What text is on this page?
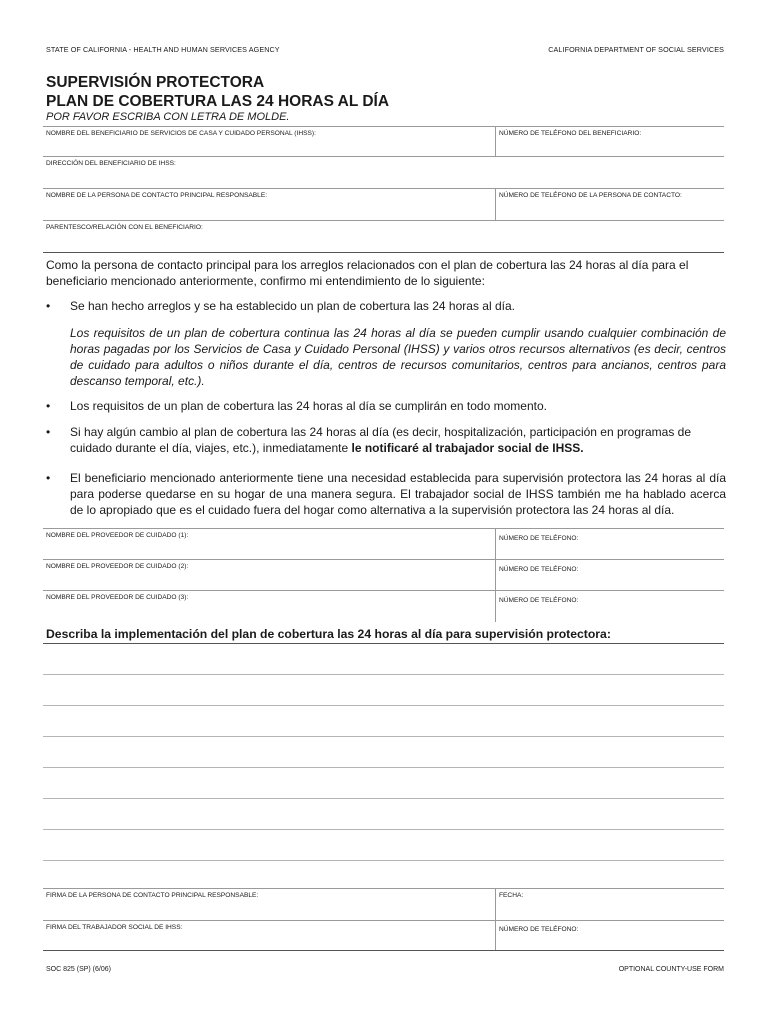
STATE OF CALIFORNIA - HEALTH AND HUMAN SERVICES AGENCY	CALIFORNIA DEPARTMENT OF SOCIAL SERVICES
SUPERVISIÓN PROTECTORA
PLAN DE COBERTURA LAS 24 HORAS AL DÍA
POR FAVOR ESCRIBA CON LETRA DE MOLDE.
NOMBRE DEL BENEFICIARIO DE SERVICIOS DE CASA Y CUIDADO PERSONAL (IHSS):	NÚMERO DE TELÉFONO DEL BENEFICIARIO:
DIRECCIÓN DEL BENEFICIARIO DE IHSS:	
NOMBRE DE LA PERSONA DE CONTACTO PRINCIPAL RESPONSABLE:	NÚMERO DE TELÉFONO DE LA PERSONA DE CONTACTO:
PARENTESCO/RELACIÓN CON EL BENEFICIARIO:	
Como la persona de contacto principal para los arreglos relacionados con el plan de cobertura las 24 horas al día para el beneficiario mencionado anteriormente, confirmo mi entendimiento de lo siguiente:
•	Se han hecho arreglos y se ha establecido un plan de cobertura las 24 horas al día.
Los requisitos de un plan de cobertura continua las 24 horas al día se pueden cumplir usando cualquier combinación de horas pagadas por los Servicios de Casa y Cuidado Personal (IHSS) y varios otros recursos alternativos (es decir, centros de cuidado para adultos o niños durante el día, centros de recursos comunitarios, centros para ancianos, centros para descanso temporal, etc.).
•	Los requisitos de un plan de cobertura las 24 horas al día se cumplirán en todo momento.
•	Si hay algún cambio al plan de cobertura las 24 horas al día (es decir, hospitalización, participación en programas de cuidado durante el día, viajes, etc.), inmediatamente le notificaré al trabajador social de IHSS.
•	El beneficiario mencionado anteriormente tiene una necesidad establecida para supervisión protectora las 24 horas al día para poderse quedarse en su hogar de una manera segura. El trabajador social de IHSS también me ha hablado acerca de lo apropiado que es el cuidado fuera del hogar como alternativa a la supervisión protectora las 24 horas al día.
NOMBRE DEL PROVEEDOR DE CUIDADO (1):	NÚMERO DE TELÉFONO:
NOMBRE DEL PROVEEDOR DE CUIDADO (2):	NÚMERO DE TELÉFONO:
NOMBRE DEL PROVEEDOR DE CUIDADO (3):	NÚMERO DE TELÉFONO:
Describa la implementación del plan de cobertura las 24 horas al día para supervisión protectora:
FIRMA DE LA PERSONA DE CONTACTO PRINCIPAL RESPONSABLE:	FECHA:
FIRMA DEL TRABAJADOR SOCIAL DE IHSS:	NÚMERO DE TELÉFONO:
SOC 825 (SP) (6/06)	OPTIONAL COUNTY-USE FORM
